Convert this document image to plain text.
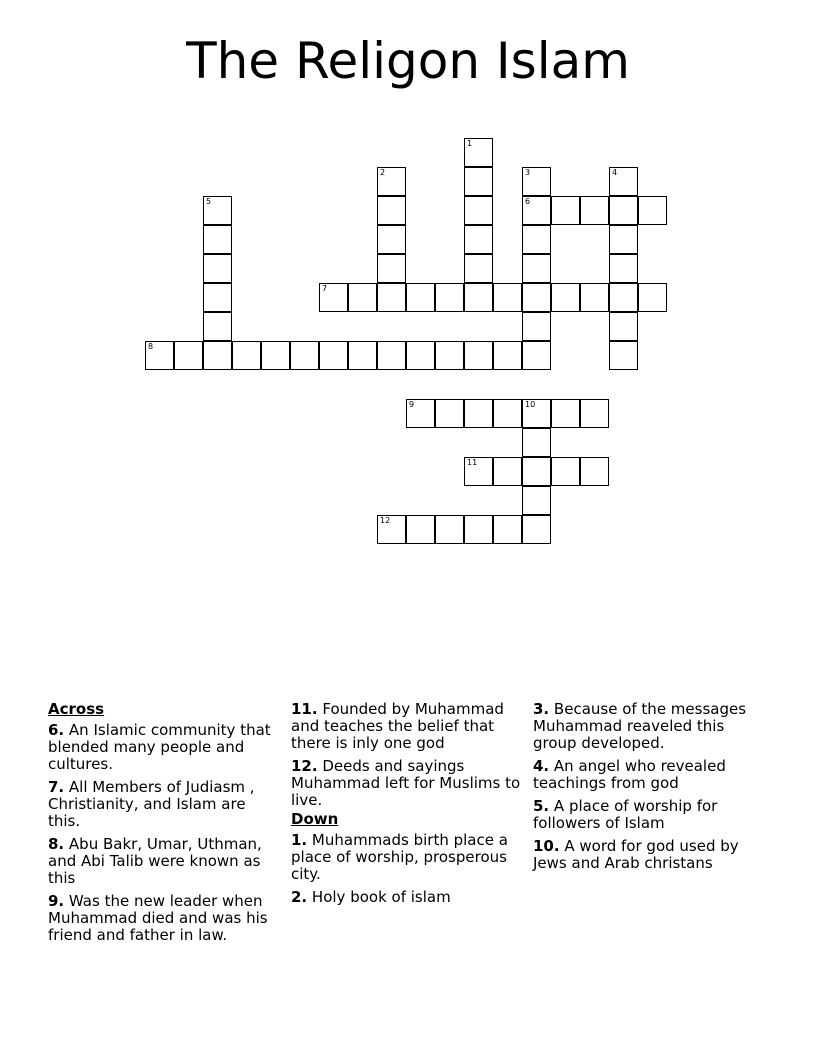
The Religon Islam
1
2	3
6
4
5
7
8
9	10
11
12
Across
6. An Islamic community that blended many people and cultures.
7. All Members of Judiasm , Christianity, and Islam are this.
8. Abu Bakr, Umar, Uthman, and Abi Talib were known as this
9. Was the new leader when Muhammad died and was his friend and father in law.
11. Founded by Muhammad and teaches the belief that there is inly one god
12. Deeds and sayings Muhammad left for Muslims to live.
Down
1. Muhammads birth place a place of worship, prosperous city.
2. Holy book of islam
3. Because of the messages Muhammad reaveled this group developed.
4. An angel who revealed teachings from god
5. A place of worship for followers of Islam
10. A word for god used by Jews and Arab christans
